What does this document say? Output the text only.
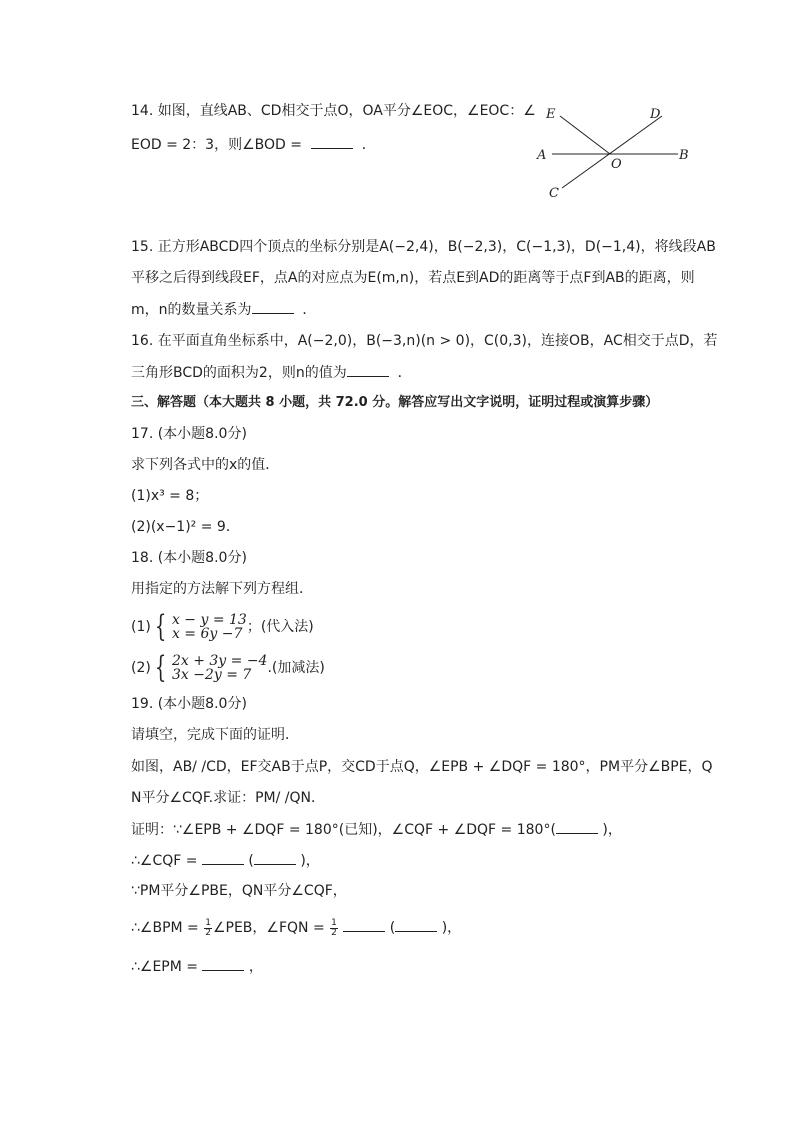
14. 如图，直线AB、CD相交于点O，OA平分∠EOC，∠EOC：∠
EOD = 2：3，则∠BOD =	．
E	D
A
O
B
C
15. 正方形ABCD四个顶点的坐标分别是A(−2,4)，B(−2,3)，C(−1,3)，D(−1,4)，将线段AB
平移之后得到线段EF，点A的对应点为E(m,n)，若点E到AD的距离等于点F到AB的距离，则
m，n的数量关系为	．
16. 在平面直角坐标系中，A(−2,0)，B(−3,n)(n > 0)，C(0,3)，连接OB，AC相交于点D，若
三角形BCD的面积为2，则n的值为	．
三、解答题（本大题共 8 小题，共 72.0 分。解答应写出文字说明，证明过程或演算步骤）
17. (本小题8.0分)
求下列各式中的x的值．
(1)x³ = 8；
(2)(x−1)² = 9．
18. (本小题8.0分)
用指定的方法解下列方程组．
(1) { x − y = 13
x = 6y −7 ；(代入法)
(2) { 2x + 3y = −4
3x −2y = 7 .(加减法)
19. (本小题8.0分)
请填空，完成下面的证明．
如图，AB/ /CD，EF交AB于点P，交CD于点Q，∠EPB + ∠DQF = 180°，PM平分∠BPE，Q
N平分∠CQF.求证：PM/ /QN．
证明：∵∠EPB + ∠DQF = 180°(已知)，∠CQF + ∠DQF = 180°(	)，
∴∠CQF =	(	)，
∵PM平分∠PBE，QN平分∠CQF，
∴∠BPM = $\frac{1}{2}$ ∠PEB，∠FQN = $\frac{1}{2}$	(	)，
∴∠EPM =	，
